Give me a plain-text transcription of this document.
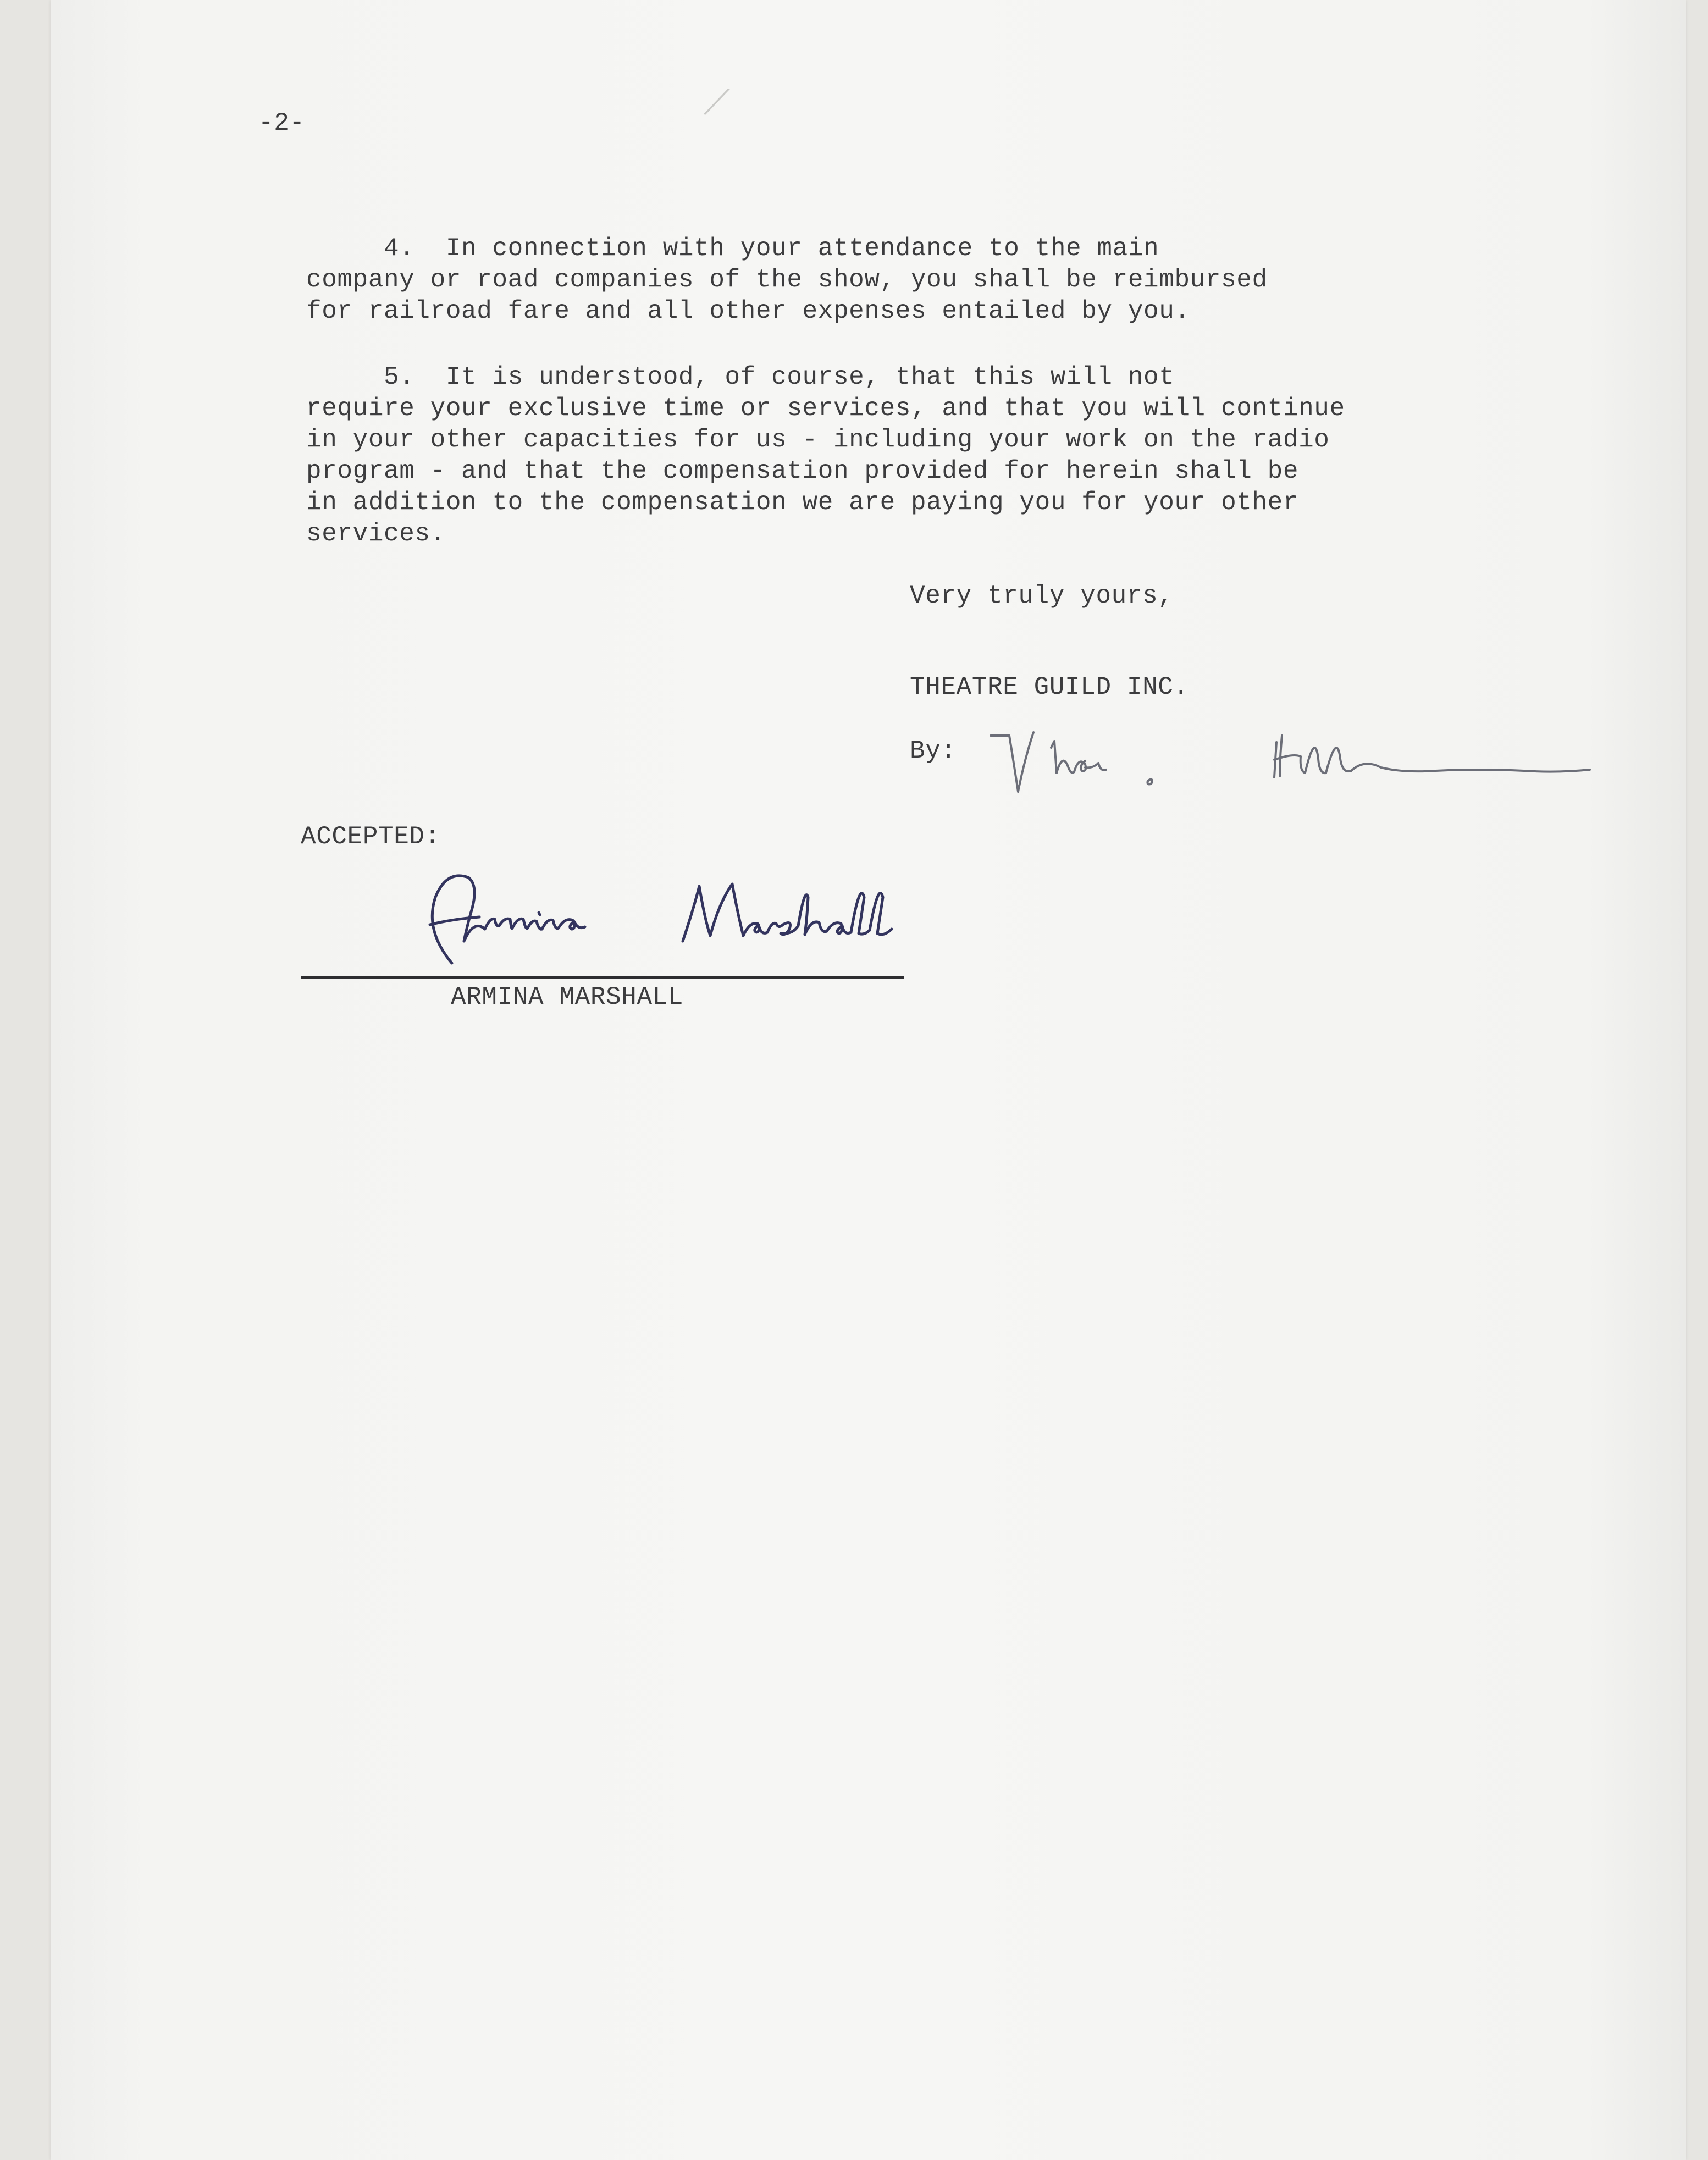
⁄
-2-
4.  In connection with your attendance to the main
company or road companies of the show, you shall be reimbursed
for railroad fare and all other expenses entailed by you.
5.  It is understood, of course, that this will not
require your exclusive time or services, and that you will continue
in your other capacities for us - including your work on the radio
program - and that the compensation provided for herein shall be
in addition to the compensation we are paying you for your other
services.
Very truly yours,
THEATRE GUILD INC.
By:
ACCEPTED:
ARMINA MARSHALL
